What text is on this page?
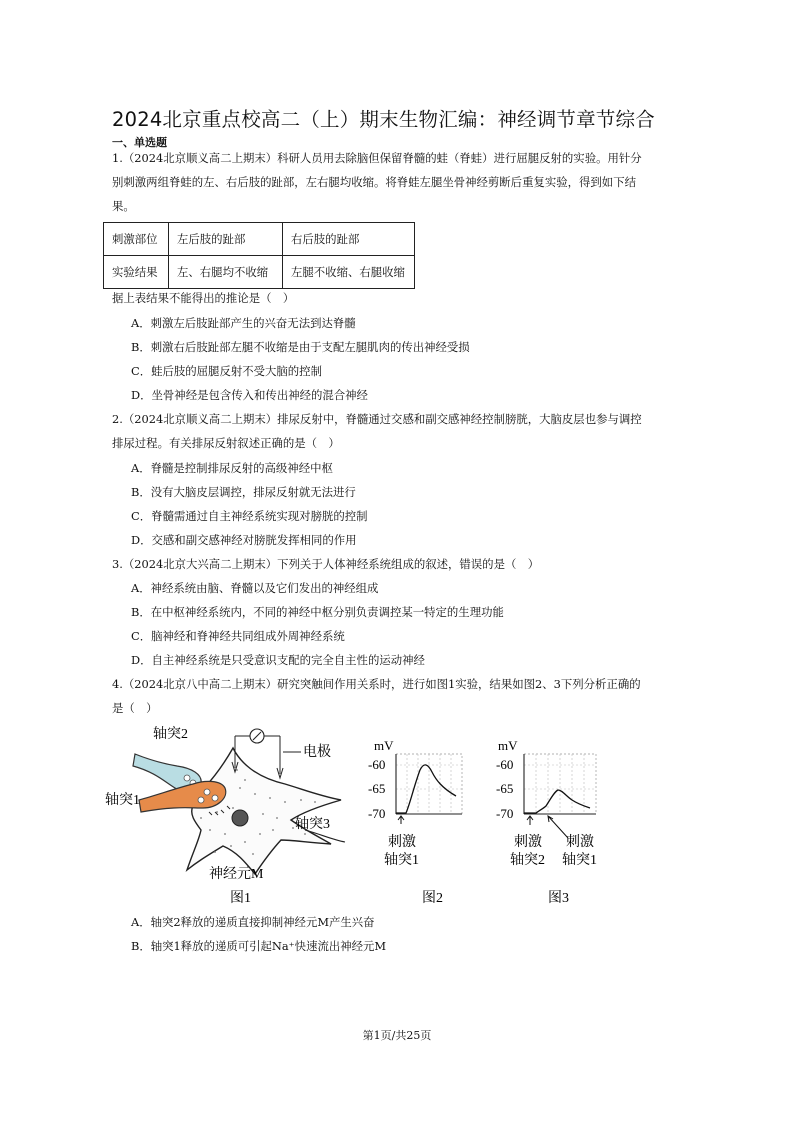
2024北京重点校高二（上）期末生物汇编：神经调节章节综合
一、单选题
1.（2024北京顺义高二上期末）科研人员用去除脑但保留脊髓的蛙（脊蛙）进行屈腿反射的实验。用针分
别刺激两组脊蛙的左、右后肢的趾部，左右腿均收缩。将脊蛙左腿坐骨神经剪断后重复实验，得到如下结
果。
刺激部位	左后肢的趾部	右后肢的趾部
实验结果	左、右腿均不收缩	左腿不收缩、右腿收缩
据上表结果不能得出的推论是（　）
A．刺激左后肢趾部产生的兴奋无法到达脊髓
B．刺激右后肢趾部左腿不收缩是由于支配左腿肌肉的传出神经受损
C．蛙后肢的屈腿反射不受大脑的控制
D．坐骨神经是包含传入和传出神经的混合神经
2.（2024北京顺义高二上期末）排尿反射中，脊髓通过交感和副交感神经控制膀胱，大脑皮层也参与调控
排尿过程。有关排尿反射叙述正确的是（　）
A．脊髓是控制排尿反射的高级神经中枢
B．没有大脑皮层调控，排尿反射就无法进行
C．脊髓需通过自主神经系统实现对膀胱的控制
D．交感和副交感神经对膀胱发挥相同的作用
3.（2024北京大兴高二上期末）下列关于人体神经系统组成的叙述，错误的是（　）
A．神经系统由脑、脊髓以及它们发出的神经组成
B．在中枢神经系统内，不同的神经中枢分别负责调控某一特定的生理功能
C．脑神经和脊神经共同组成外周神经系统
D．自主神经系统是只受意识支配的完全自主性的运动神经
4.（2024北京八中高二上期末）研究突触间作用关系时，进行如图1实验，结果如图2、3下列分析正确的
是（　）
轴突2
轴突1
电极
轴突3
神经元M
图1
mV
-60
-65
-70
刺激
轴突1
图2
mV
-60
-65
-70
刺激
轴突2
刺激
轴突1
图3
A．轴突2释放的递质直接抑制神经元M产生兴奋
B．轴突1释放的递质可引起Na⁺快速流出神经元M
第1页/共25页
